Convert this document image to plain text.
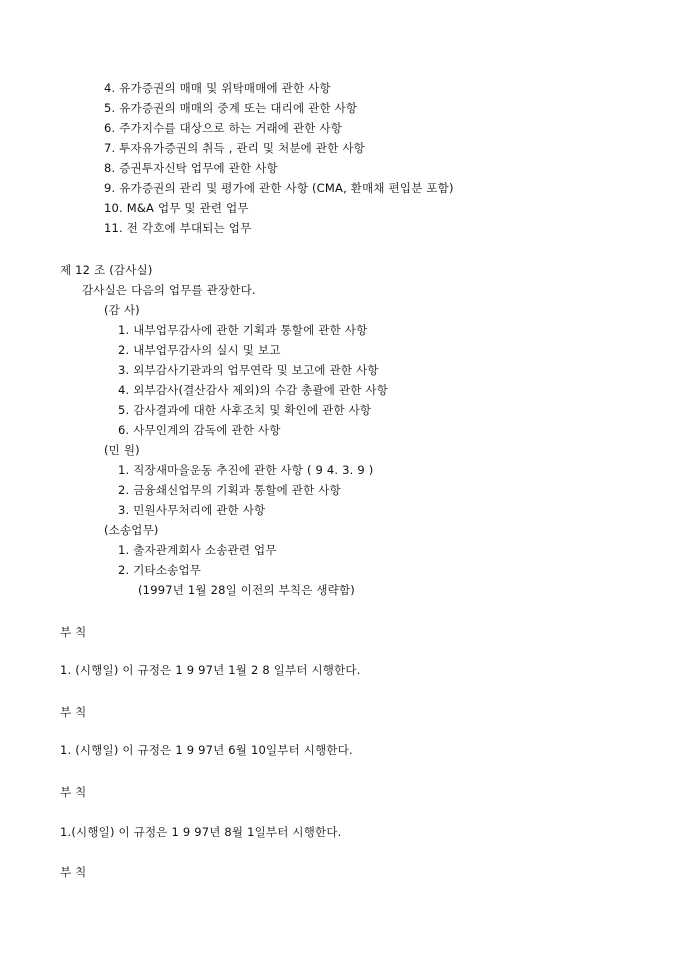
4. 유가증권의 매매 및 위탁매매에 관한 사항
5. 유가증권의 매매의 중계 또는 대리에 관한 사항
6. 주가지수를 대상으로 하는 거래에 관한 사항
7. 투자유가증권의 취득 , 관리 및 처분에 관한 사항
8. 증권투자신탁 업무에 관한 사항
9. 유가증권의 관리 및 평가에 관한 사항 (CMA, 환매채 편입분 포함)
10. M&A 업무 및 관련 업무
11. 전 각호에 부대되는 업무
제 12 조 (감사실)
감사실은 다음의 업무를 관장한다.
(감 사)
1. 내부업무감사에 관한 기획과 통할에 관한 사항
2. 내부업무감사의 실시 및 보고
3. 외부감사기관과의 업무연락 및 보고에 관한 사항
4. 외부감사(결산감사 제외)의 수감 총괄에 관한 사항
5. 감사결과에 대한 사후조치 및 확인에 관한 사항
6. 사무인계의 감독에 관한 사항
(민 원)
1. 직장새마을운동 추진에 관한 사항 ( 9 4. 3. 9 )
2. 금융쇄신업무의 기획과 통할에 관한 사항
3. 민원사무처리에 관한 사항
(소송업무)
1. 출자관계회사 소송관련 업무
2. 기타소송업무
(1997년 1월 28일 이전의 부칙은 생략함)
부 칙
1. (시행일) 이 규정은 1 9 97년 1월 2 8 일부터 시행한다.
부 칙
1. (시행일) 이 규정은 1 9 97년 6월 10일부터 시행한다.
부 칙
1.(시행일) 이 규정은 1 9 97년 8월 1일부터 시행한다.
부 칙
